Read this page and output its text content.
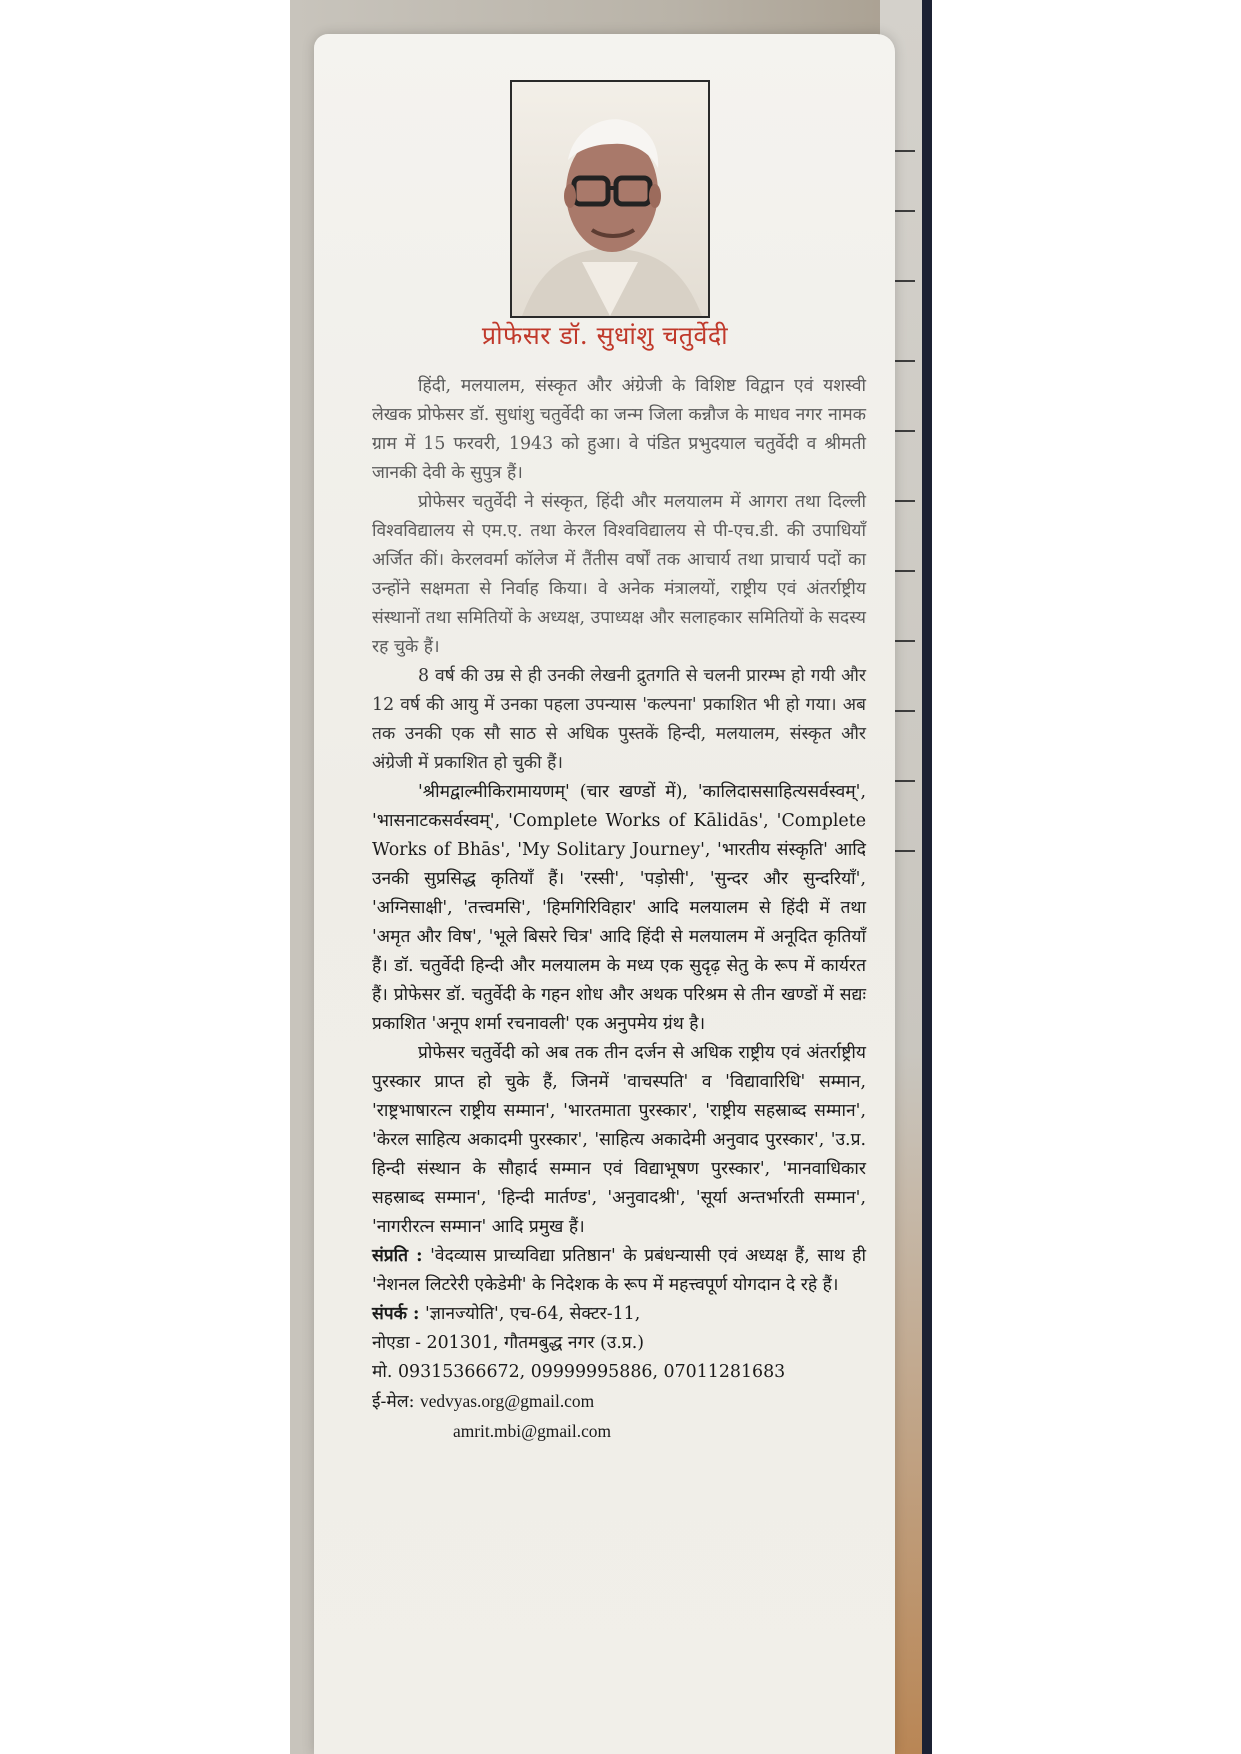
प्रोफेसर डॉ. सुधांशु चतुर्वेदी

हिंदी, मलयालम, संस्कृत और अंग्रेजी के विशिष्ट विद्वान एवं यशस्वी लेखक प्रोफेसर डॉ. सुधांशु चतुर्वेदी का जन्म जिला कन्नौज के माधव नगर नामक ग्राम में 15 फरवरी, 1943 को हुआ। वे पंडित प्रभुदयाल चतुर्वेदी व श्रीमती जानकी देवी के सुपुत्र हैं।

प्रोफेसर चतुर्वेदी ने संस्कृत, हिंदी और मलयालम में आगरा तथा दिल्ली विश्वविद्यालय से एम.ए. तथा केरल विश्वविद्यालय से पी-एच.डी. की उपाधियाँ अर्जित कीं। केरलवर्मा कॉलेज में तैंतीस वर्षों तक आचार्य तथा प्राचार्य पदों का उन्होंने सक्षमता से निर्वाह किया। वे अनेक मंत्रालयों, राष्ट्रीय एवं अंतर्राष्ट्रीय संस्थानों तथा समितियों के अध्यक्ष, उपाध्यक्ष और सलाहकार समितियों के सदस्य रह चुके हैं।

8 वर्ष की उम्र से ही उनकी लेखनी द्रुतगति से चलनी प्रारम्भ हो गयी और 12 वर्ष की आयु में उनका पहला उपन्यास 'कल्पना' प्रकाशित भी हो गया। अब तक उनकी एक सौ साठ से अधिक पुस्तकें हिन्दी, मलयालम, संस्कृत और अंग्रेजी में प्रकाशित हो चुकी हैं।

'श्रीमद्वाल्मीकिरामायणम्' (चार खण्डों में), 'कालिदाससाहित्यसर्वस्वम्', 'भासनाटकसर्वस्वम्', 'Complete Works of Kālidās', 'Complete Works of Bhās', 'My Solitary Journey', 'भारतीय संस्कृति' आदि उनकी सुप्रसिद्ध कृतियाँ हैं। 'रस्सी', 'पड़ोसी', 'सुन्दर और सुन्दरियाँ', 'अग्निसाक्षी', 'तत्त्वमसि', 'हिमगिरिविहार' आदि मलयालम से हिंदी में तथा 'अमृत और विष', 'भूले बिसरे चित्र' आदि हिंदी से मलयालम में अनूदित कृतियाँ हैं। डॉ. चतुर्वेदी हिन्दी और मलयालम के मध्य एक सुदृढ़ सेतु के रूप में कार्यरत हैं। प्रोफेसर डॉ. चतुर्वेदी के गहन शोध और अथक परिश्रम से तीन खण्डों में सद्यः प्रकाशित 'अनूप शर्मा रचनावली' एक अनुपमेय ग्रंथ है।

प्रोफेसर चतुर्वेदी को अब तक तीन दर्जन से अधिक राष्ट्रीय एवं अंतर्राष्ट्रीय पुरस्कार प्राप्त हो चुके हैं, जिनमें 'वाचस्पति' व 'विद्यावारिधि' सम्मान, 'राष्ट्रभाषारत्न राष्ट्रीय सम्मान', 'भारतमाता पुरस्कार', 'राष्ट्रीय सहस्राब्द सम्मान', 'केरल साहित्य अकादमी पुरस्कार', 'साहित्य अकादेमी अनुवाद पुरस्कार', 'उ.प्र. हिन्दी संस्थान के सौहार्द सम्मान एवं विद्याभूषण पुरस्कार', 'मानवाधिकार सहस्राब्द सम्मान', 'हिन्दी मार्तण्ड', 'अनुवादश्री', 'सूर्या अन्तर्भारती सम्मान', 'नागरीरत्न सम्मान' आदि प्रमुख हैं।

संप्रति : 'वेदव्यास प्राच्यविद्या प्रतिष्ठान' के प्रबंधन्यासी एवं अध्यक्ष हैं, साथ ही 'नेशनल लिटरेरी एकेडेमी' के निदेशक के रूप में महत्त्वपूर्ण योगदान दे रहे हैं।

संपर्क : 'ज्ञानज्योति', एच-64, सेक्टर-11,

नोएडा - 201301, गौतमबुद्ध नगर (उ.प्र.)

मो. 09315366672, 09999995886, 07011281683

ई-मेल: vedvyas.org@gmail.com
amrit.mbi@gmail.com
